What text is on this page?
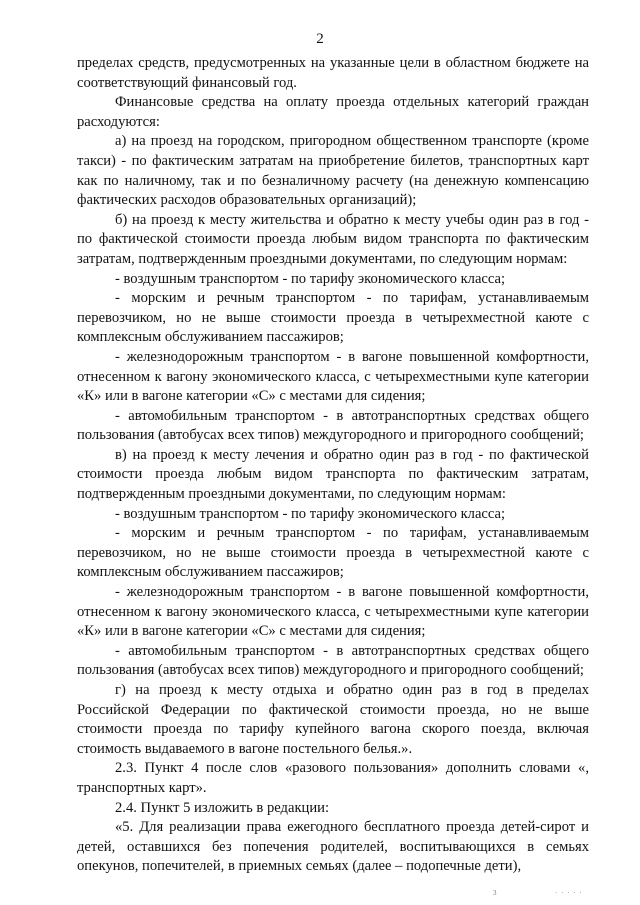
2

пределах средств, предусмотренных на указанные цели в областном бюджете на соответствующий финансовый год.

Финансовые средства на оплату проезда отдельных категорий граждан расходуются:

а) на проезд на городском, пригородном общественном транспорте (кроме такси) - по фактическим затратам на приобретение билетов, транспортных карт как по наличному, так и по безналичному расчету (на денежную компенсацию фактических расходов образовательных организаций);

б) на проезд к месту жительства и обратно к месту учебы один раз в год - по фактической стоимости проезда любым видом транспорта по фактическим затратам, подтвержденным проездными документами, по следующим нормам:

- воздушным транспортом - по тарифу экономического класса;

- морским и речным транспортом - по тарифам, устанавливаемым перевозчиком, но не выше стоимости проезда в четырехместной каюте с комплексным обслуживанием пассажиров;

- железнодорожным транспортом - в вагоне повышенной комфортности, отнесенном к вагону экономического класса, с четырехместными купе категории «К» или в вагоне категории «С» с местами для сидения;

- автомобильным транспортом - в автотранспортных средствах общего пользования (автобусах всех типов) междугородного и пригородного сообщений;

в) на проезд к месту лечения и обратно один раз в год - по фактической стоимости проезда любым видом транспорта по фактическим затратам, подтвержденным проездными документами, по следующим нормам:

- воздушным транспортом - по тарифу экономического класса;

- морским и речным транспортом - по тарифам, устанавливаемым перевозчиком, но не выше стоимости проезда в четырехместной каюте с комплексным обслуживанием пассажиров;

- железнодорожным транспортом - в вагоне повышенной комфортности, отнесенном к вагону экономического класса, с четырехместными купе категории «К» или в вагоне категории «С» с местами для сидения;

- автомобильным транспортом - в автотранспортных средствах общего пользования (автобусах всех типов) междугородного и пригородного сообщений;

г) на проезд к месту отдыха и обратно один раз в год в пределах Российской Федерации по фактической стоимости проезда, но не выше стоимости проезда по тарифу купейного вагона скорого поезда, включая стоимость выдаваемого в вагоне постельного белья.».

2.3. Пункт 4 после слов «разового пользования» дополнить словами «, транспортных карт».

2.4. Пункт 5 изложить в редакции:

«5. Для реализации права ежегодного бесплатного проезда детей-сирот и детей, оставшихся без попечения родителей, воспитывающихся в семьях опекунов, попечителей, в приемных семьях (далее – подопечные дети),

3	· · · · ·
